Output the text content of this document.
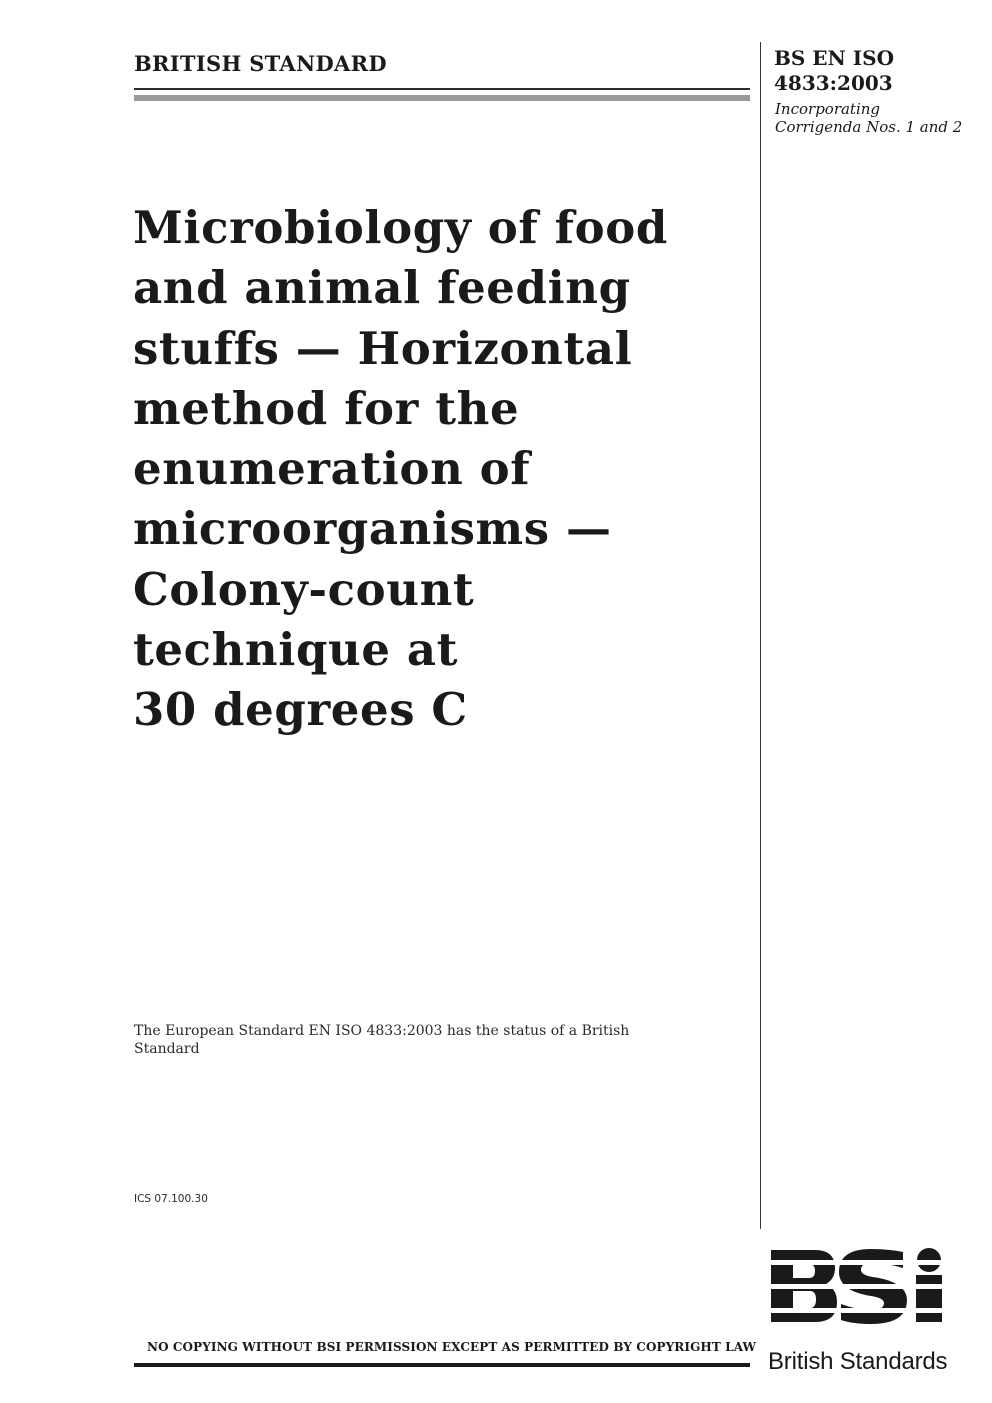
BRITISH STANDARD	BS EN ISO
4833:2003
Incorporating Corrigenda Nos. 1 and 2
Microbiology of food
and animal feeding
stuffs — Horizontal
method for the
enumeration of
microorganisms —
Colony-count
technique at
30 degrees C
The European Standard EN ISO 4833:2003 has the status of a British Standard
ICS 07.100.30
NO COPYING WITHOUT BSI PERMISSION EXCEPT AS PERMITTED BY COPYRIGHT LAW
British Standards
